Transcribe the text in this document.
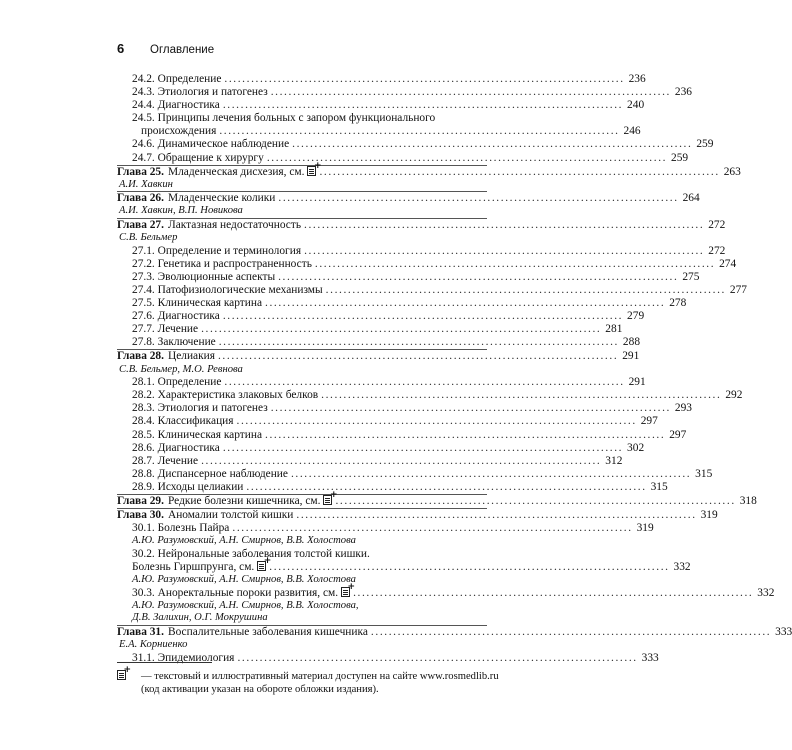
6	Оглавление
24.2. Определение .......................................................................................... 236
24.3. Этиология и патогенез .......................................................................................... 236
24.4. Диагностика .......................................................................................... 240
24.5. Принципы лечения больных с запором функционального
происхождения .......................................................................................... 246
24.6. Динамическое наблюдение .......................................................................................... 259
24.7. Обращение к хирургу .......................................................................................... 259
Глава 25. Младенческая дисхезия, см. +	.......................................................................................... 263
А.И. Хавкин
Глава 26. Младенческие колики .......................................................................................... 264
А.И. Хавкин, В.П. Новикова
Глава 27. Лактазная недостаточность .......................................................................................... 272
С.В. Бельмер
27.1. Определение и терминология .......................................................................................... 272
27.2. Генетика и распространенность .......................................................................................... 274
27.3. Эволюционные аспекты .......................................................................................... 275
27.4. Патофизиологические механизмы .......................................................................................... 277
27.5. Клиническая картина .......................................................................................... 278
27.6. Диагностика .......................................................................................... 279
27.7. Лечение .......................................................................................... 281
27.8. Заключение .......................................................................................... 288
Глава 28. Целиакия .......................................................................................... 291
С.В. Бельмер, М.О. Ревнова
28.1. Определение .......................................................................................... 291
28.2. Характеристика злаковых белков .......................................................................................... 292
28.3. Этиология и патогенез .......................................................................................... 293
28.4. Классификация .......................................................................................... 297
28.5. Клиническая картина .......................................................................................... 297
28.6. Диагностика .......................................................................................... 302
28.7. Лечение .......................................................................................... 312
28.8. Диспансерное наблюдение .......................................................................................... 315
28.9. Исходы целиакии .......................................................................................... 315
Глава 29. Редкие болезни кишечника, см. +	.......................................................................................... 318
Глава 30. Аномалии толстой кишки .......................................................................................... 319
30.1. Болезнь Пайра .......................................................................................... 319
А.Ю. Разумовский, А.Н. Смирнов, В.В. Холостова
30.2. Нейрональные заболевания толстой кишки.
Болезнь Гиршпрунга, см. +	.......................................................................................... 332
А.Ю. Разумовский, А.Н. Смирнов, В.В. Холостова
30.3. Аноректальные пороки развития, см. +	.......................................................................................... 332
А.Ю. Разумовский, А.Н. Смирнов, В.В. Холостова,
Д.В. Залихин, О.Г. Мокрушина
Глава 31. Воспалительные заболевания кишечника .......................................................................................... 333
Е.А. Корниенко
31.1. Эпидемиология .......................................................................................... 333
+
— текстовый и иллюстративный материал доступен на сайте www.rosmedlib.ru
(код активации указан на обороте обложки издания).
